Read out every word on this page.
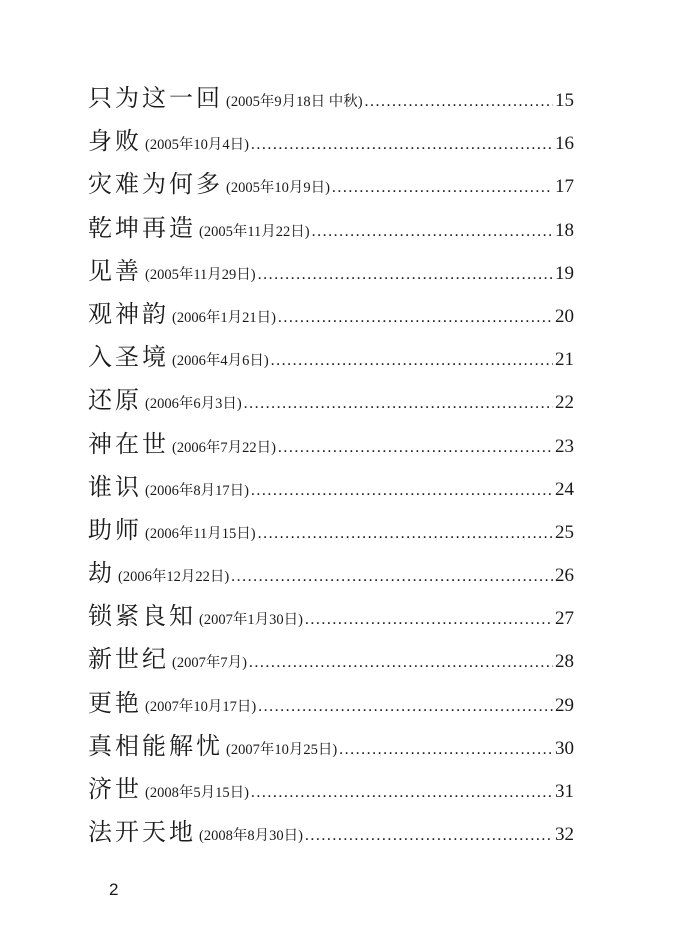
只为这一回 (2005年9月18日 中秋) .....	15
身败 (2005年10月4日) .....	16
灾难为何多 (2005年10月9日) .....	17
乾坤再造 (2005年11月22日) .....	18
见善 (2005年11月29日) .....	19
观神韵 (2006年1月21日) .....	20
入圣境 (2006年4月6日) .....	21
还原 (2006年6月3日) .....	22
神在世 (2006年7月22日) .....	23
谁识 (2006年8月17日) .....	24
助师 (2006年11月15日) .....	25
劫 (2006年12月22日) .....	26
锁紧良知 (2007年1月30日) .....	27
新世纪 (2007年7月) .....	28
更艳 (2007年10月17日) .....	29
真相能解忧 (2007年10月25日) .....	30
济世 (2008年5月15日) .....	31
法开天地 (2008年8月30日) .....	32
2
